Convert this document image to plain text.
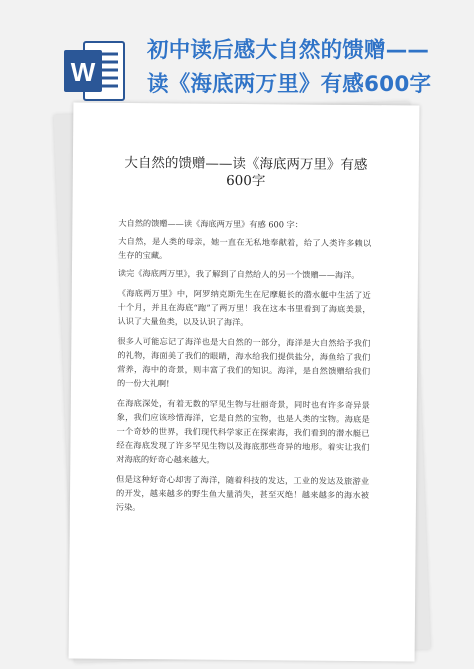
W
初中读后感大自然的馈赠——
读《海底两万里》有感600字
大自然的馈赠——读《海底两万里》有感 600字

大自然的馈赠——读《海底两万里》有感 600 字：

大自然，是人类的母亲，她一直在无私地奉献着，给了人类许多赖以生存的宝藏。

读完《海底两万里》，我了解到了自然给人的另一个馈赠——海洋。

《海底两万里》中，阿罗纳克斯先生在尼摩艇长的潜水艇中生活了近十个月，并且在海底“跑”了两万里！我在这本书里看到了海底美景，认识了大量鱼类，以及认识了海洋。

很多人可能忘记了海洋也是大自然的一部分，海洋是大自然给予我们的礼物，海面美了我们的眼睛，海水给我们提供盐分，海鱼给了我们营养，海中的奇景，则丰富了我们的知识。海洋，是自然馈赠给我们的一份大礼啊!

在海底深处，有着无数的罕见生物与壮丽奇景，同时也有许多奇异景象，我们应该珍惜海洋，它是自然的宝物，也是人类的宝物。海底是一个奇妙的世界，我们现代科学家正在探索海，我们看到的潜水艇已经在海底发现了许多罕见生物以及海底那些奇异的地形。着实让我们对海底的好奇心越来越大。

但是这种好奇心却害了海洋，随着科技的发达，工业的发达及旅游业的开发，越来越多的野生鱼大量消失，甚至灭绝！越来越多的海水被污染。
